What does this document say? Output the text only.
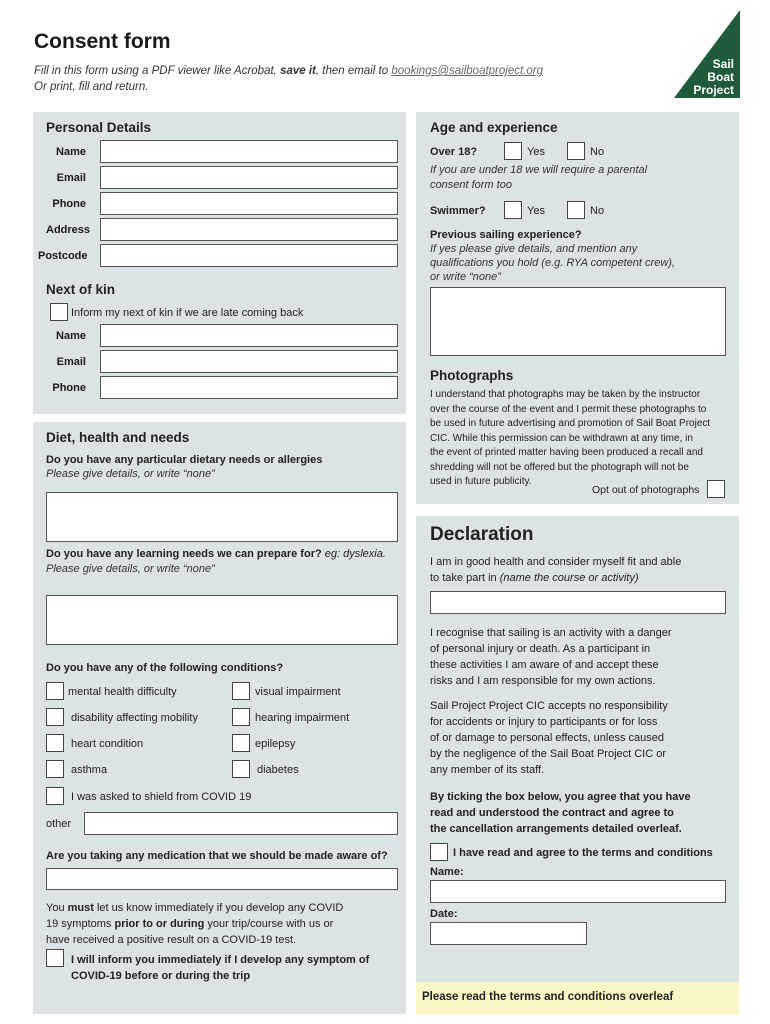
Consent form
Fill in this form using a PDF viewer like Acrobat, save it, then email to bookings@sailboatproject.org
Or print, fill and return.
Sail
Boat
Project
Personal Details
Name
Email
Phone
Address
Postcode
Next of kin
Inform my next of kin if we are late coming back
Name
Email
Phone
Age and experience
Over 18?	Yes	No
If you are under 18 we will require a parental
consent form too
Swimmer?	Yes	No
Previous sailing experience?
If yes please give details, and mention any
qualifications you hold (e.g. RYA competent crew),
or write “none”
Photographs
I understand that photographs may be taken by the instructor
over the course of the event and I permit these photographs to
be used in future advertising and promotion of Sail Boat Project
CIC. While this permission can be withdrawn at any time, in
the event of printed matter having been produced a recall and
shredding will not be offered but the photograph will not be
used in future publicity.
Opt out of photographs
Diet, health and needs
Do you have any particular dietary needs or allergies
Please give details, or write “none”
Do you have any learning needs we can prepare for? eg: dyslexia.
Please give details, or write “none”
Do you have any of the following conditions?
mental health difficulty	visual impairment
disability affecting mobility	hearing impairment
heart condition	epilepsy
asthma	diabetes
I was asked to shield from COVID 19
other
Are you taking any medication that we should be made aware of?
You must let us know immediately if you develop any COVID
19 symptoms prior to or during your trip/course with us or
have received a positive result on a COVID-19 test.
I will inform you immediately if I develop any symptom of
COVID-19 before or during the trip
Declaration
I am in good health and consider myself fit and able
to take part in (name the course or activity)
I recognise that sailing is an activity with a danger
of personal injury or death. As a participant in
these activities I am aware of and accept these
risks and I am responsible for my own actions.
Sail Project Project CIC accepts no responsibility
for accidents or injury to participants or for loss
of or damage to personal effects, unless caused
by the negligence of the Sail Boat Project CIC or
any member of its staff.
By ticking the box below, you agree that you have
read and understood the contract and agree to
the cancellation arrangements detailed overleaf.
I have read and agree to the terms and conditions
Name:
Date:
Please read the terms and conditions overleaf
